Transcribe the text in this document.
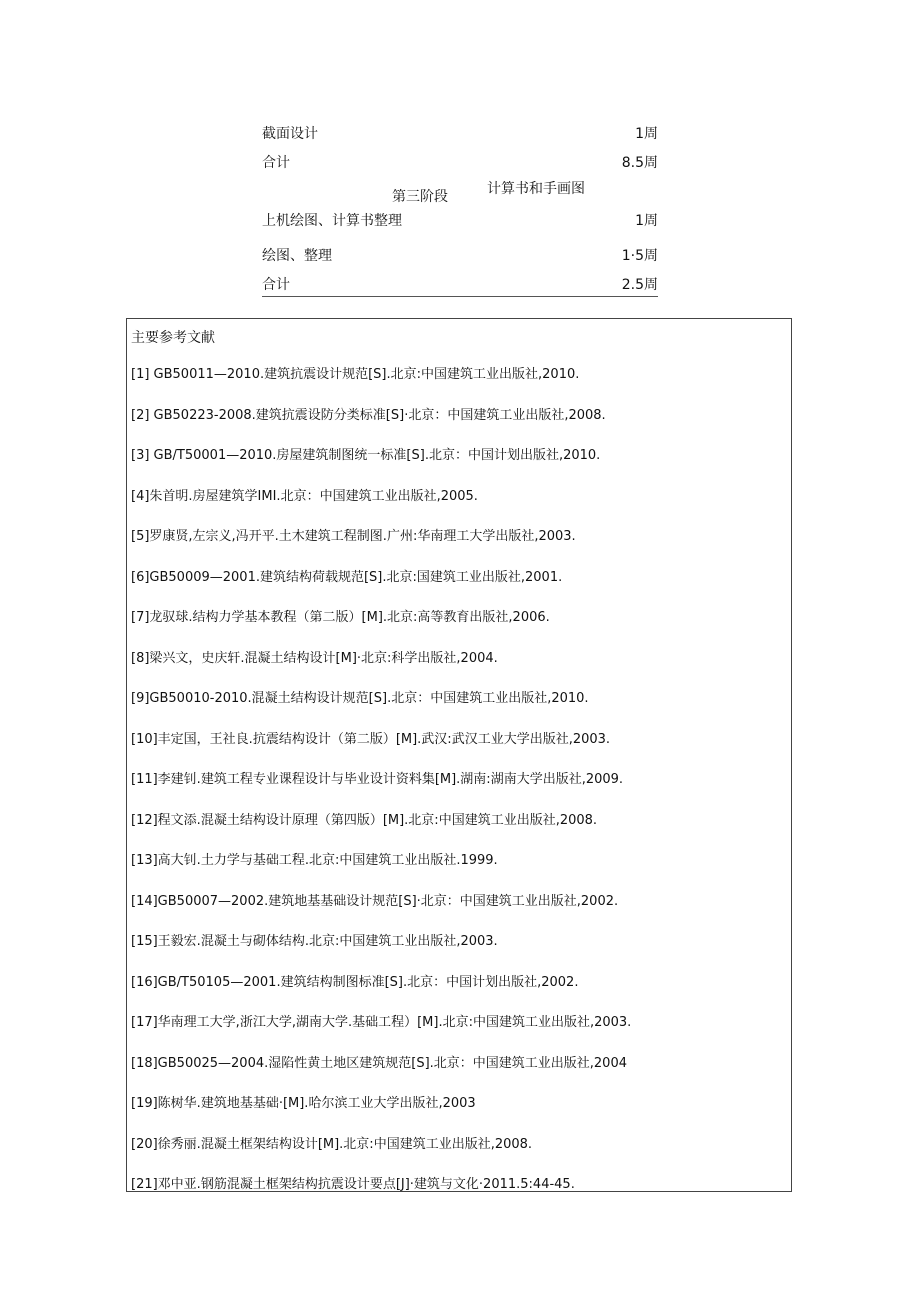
截面设计	1周
合计	8.5周
第三阶段	计算书和手画图
上机绘图、计算书整理	1周
绘图、整理	1·5周
合计	2.5周
主要参考文献
[1] GB50011—2010.建筑抗震设计规范[S].北京:中国建筑工业出版社,2010.
[2] GB50223-2008.建筑抗震设防分类标准[S]·北京：中国建筑工业出版社,2008.
[3] GB/T50001—2010.房屋建筑制图统一标准[S].北京：中国计划出版社,2010.
[4]朱首明.房屋建筑学IMI.北京：中国建筑工业出版社,2005.
[5]罗康贤,左宗义,冯开平.土木建筑工程制图.广州:华南理工大学出版社,2003.
[6]GB50009—2001.建筑结构荷载规范[S].北京:国建筑工业出版社,2001.
[7]龙驭球.结构力学基本教程（第二版）[M].北京:高等教育出版社,2006.
[8]梁兴文，史庆轩.混凝土结构设计[M]·北京:科学出版社,2004.
[9]GB50010-2010.混凝土结构设计规范[S].北京：中国建筑工业出版社,2010.
[10]丰定国，王社良.抗震结构设计（第二版）[M].武汉:武汉工业大学出版社,2003.
[11]李建钊.建筑工程专业课程设计与毕业设计资料集[M].湖南:湖南大学出版社,2009.
[12]程文添.混凝土结构设计原理（第四版）[M].北京:中国建筑工业出版社,2008.
[13]高大钊.土力学与基础工程.北京:中国建筑工业出版社.1999.
[14]GB50007—2002.建筑地基基础设计规范[S]·北京：中国建筑工业出版社,2002.
[15]王毅宏.混凝土与砌体结构.北京:中国建筑工业出版社,2003.
[16]GB/T50105—2001.建筑结构制图标准[S].北京：中国计划出版社,2002.
[17]华南理工大学,浙江大学,湖南大学.基础工程）[M].北京:中国建筑工业出版社,2003.
[18]GB50025—2004.湿陷性黄土地区建筑规范[S].北京：中国建筑工业出版社,2004
[19]陈树华.建筑地基基础·[M].哈尔滨工业大学出版社,2003
[20]徐秀丽.混凝土框架结构设计[M].北京:中国建筑工业出版社,2008.
[21]邓中亚.钢筋混凝土框架结构抗震设计要点[J]·建筑与文化·2011.5:44-45.
